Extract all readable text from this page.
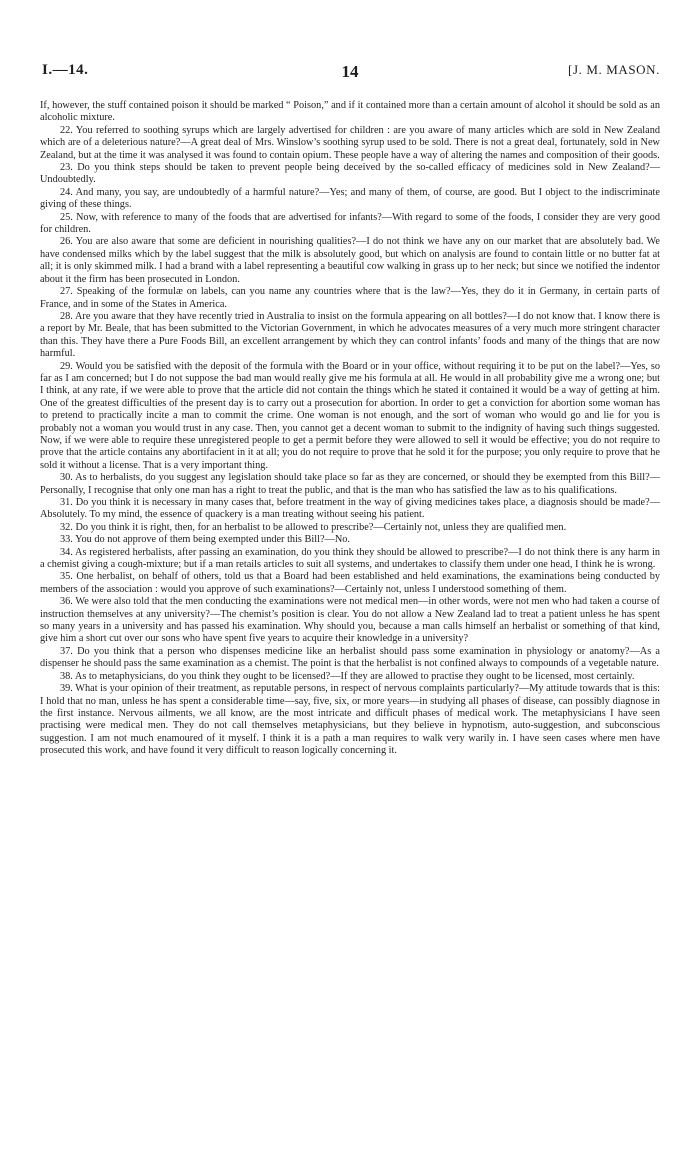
I.—14.	14	[J. M. MASON.

If, however, the stuff contained poison it should be marked “ Poison,” and if it contained more than a certain amount of alcohol it should be sold as an alcoholic mixture.

22. You referred to soothing syrups which are largely advertised for children : are you aware of many articles which are sold in New Zealand which are of a deleterious nature?—A great deal of Mrs. Winslow’s soothing syrup used to be sold. There is not a great deal, fortunately, sold in New Zealand, but at the time it was analysed it was found to contain opium. These people have a way of altering the names and composition of their goods.

23. Do you think steps should be taken to prevent people being deceived by the so-called efficacy of medicines sold in New Zealand?—Undoubtedly.

24. And many, you say, are undoubtedly of a harmful nature?—Yes; and many of them, of course, are good. But I object to the indiscriminate giving of these things.

25. Now, with reference to many of the foods that are advertised for infants?—With regard to some of the foods, I consider they are very good for children.

26. You are also aware that some are deficient in nourishing qualities?—I do not think we have any on our market that are absolutely bad. We have condensed milks which by the label suggest that the milk is absolutely good, but which on analysis are found to contain little or no butter fat at all; it is only skimmed milk. I had a brand with a label representing a beautiful cow walking in grass up to her neck; but since we notified the indentor about it the firm has been prosecuted in London.

27. Speaking of the formulæ on labels, can you name any countries where that is the law?—Yes, they do it in Germany, in certain parts of France, and in some of the States in America.

28. Are you aware that they have recently tried in Australia to insist on the formula appearing on all bottles?—I do not know that. I know there is a report by Mr. Beale, that has been submitted to the Victorian Government, in which he advocates measures of a very much more stringent character than this. They have there a Pure Foods Bill, an excellent arrangement by which they can control infants’ foods and many of the things that are now harmful.

29. Would you be satisfied with the deposit of the formula with the Board or in your office, without requiring it to be put on the label?—Yes, so far as I am concerned; but I do not suppose the bad man would really give me his formula at all. He would in all probability give me a wrong one; but I think, at any rate, if we were able to prove that the article did not contain the things which he stated it contained it would be a way of getting at him. One of the greatest difficulties of the present day is to carry out a prosecution for abortion. In order to get a conviction for abortion some woman has to pretend to practically incite a man to commit the crime. One woman is not enough, and the sort of woman who would go and lie for you is probably not a woman you would trust in any case. Then, you cannot get a decent woman to submit to the indignity of having such things suggested. Now, if we were able to require these unregistered people to get a permit before they were allowed to sell it would be effective; you do not require to prove that the article contains any abortifacient in it at all; you do not require to prove that he sold it for the purpose; you only require to prove that he sold it without a license. That is a very important thing.

30. As to herbalists, do you suggest any legislation should take place so far as they are concerned, or should they be exempted from this Bill?—Personally, I recognise that only one man has a right to treat the public, and that is the man who has satisfied the law as to his qualifications.

31. Do you think it is necessary in many cases that, before treatment in the way of giving medicines takes place, a diagnosis should be made?—Absolutely. To my mind, the essence of quackery is a man treating without seeing his patient.

32. Do you think it is right, then, for an herbalist to be allowed to prescribe?—Certainly not, unless they are qualified men.

33. You do not approve of them being exempted under this Bill?—No.

34. As registered herbalists, after passing an examination, do you think they should be allowed to prescribe?—I do not think there is any harm in a chemist giving a cough-mixture; but if a man retails articles to suit all systems, and undertakes to classify them under one head, I think he is wrong.

35. One herbalist, on behalf of others, told us that a Board had been established and held examinations, the examinations being conducted by members of the association : would you approve of such examinations?—Certainly not, unless I understood something of them.

36. We were also told that the men conducting the examinations were not medical men—in other words, were not men who had taken a course of instruction themselves at any university?—The chemist’s position is clear. You do not allow a New Zealand lad to treat a patient unless he has spent so many years in a university and has passed his examination. Why should you, because a man calls himself an herbalist or something of that kind, give him a short cut over our sons who have spent five years to acquire their knowledge in a university?

37. Do you think that a person who dispenses medicine like an herbalist should pass some examination in physiology or anatomy?—As a dispenser he should pass the same examination as a chemist. The point is that the herbalist is not confined always to compounds of a vegetable nature.

38. As to metaphysicians, do you think they ought to be licensed?—If they are allowed to practise they ought to be licensed, most certainly.

39. What is your opinion of their treatment, as reputable persons, in respect of nervous complaints particularly?—My attitude towards that is this: I hold that no man, unless he has spent a considerable time—say, five, six, or more years—in studying all phases of disease, can possibly diagnose in the first instance. Nervous ailments, we all know, are the most intricate and difficult phases of medical work. The metaphysicians I have seen practising were medical men. They do not call themselves metaphysicians, but they believe in hypnotism, auto-suggestion, and subconscious suggestion. I am not much enamoured of it myself. I think it is a path a man requires to walk very warily in. I have seen cases where men have prosecuted this work, and have found it very difficult to reason logically concerning it.
